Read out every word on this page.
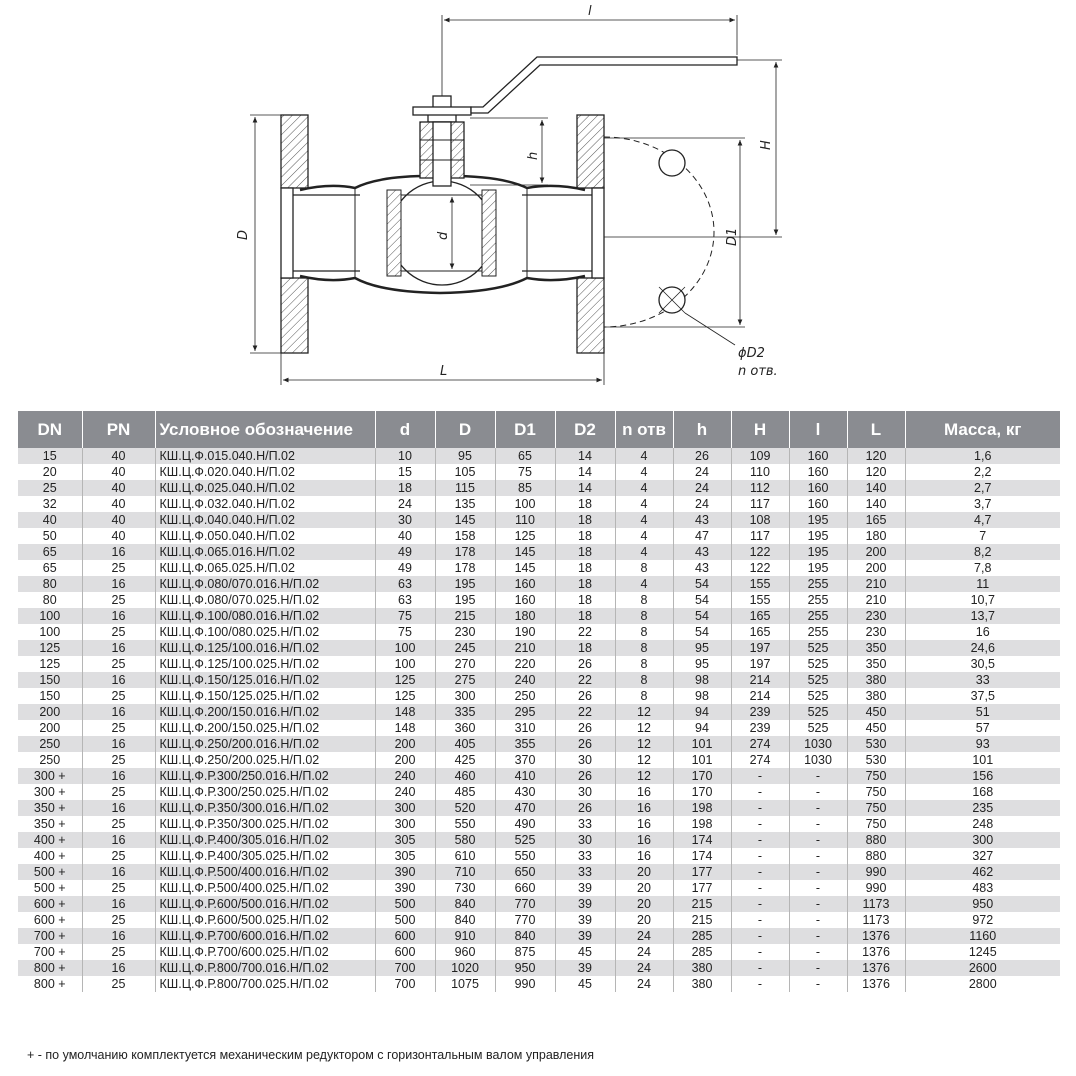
l
H
h
D	d	D1
L
ϕD2
n отв.
DN	PN	Условное обозначение	d	D	D1	D2	n отв	h	H	l	L	Масса, кг
15	40	КШ.Ц.Ф.015.040.Н/П.02	10	95	65	14	4	26	109	160	120	1,6
20	40	КШ.Ц.Ф.020.040.Н/П.02	15	105	75	14	4	24	110	160	120	2,2
25	40	КШ.Ц.Ф.025.040.Н/П.02	18	115	85	14	4	24	112	160	140	2,7
32	40	КШ.Ц.Ф.032.040.Н/П.02	24	135	100	18	4	24	117	160	140	3,7
40	40	КШ.Ц.Ф.040.040.Н/П.02	30	145	110	18	4	43	108	195	165	4,7
50	40	КШ.Ц.Ф.050.040.Н/П.02	40	158	125	18	4	47	117	195	180	7
65	16	КШ.Ц.Ф.065.016.Н/П.02	49	178	145	18	4	43	122	195	200	8,2
65	25	КШ.Ц.Ф.065.025.Н/П.02	49	178	145	18	8	43	122	195	200	7,8
80	16	КШ.Ц.Ф.080/070.016.Н/П.02	63	195	160	18	4	54	155	255	210	11
80	25	КШ.Ц.Ф.080/070.025.Н/П.02	63	195	160	18	8	54	155	255	210	10,7
100	16	КШ.Ц.Ф.100/080.016.Н/П.02	75	215	180	18	8	54	165	255	230	13,7
100	25	КШ.Ц.Ф.100/080.025.Н/П.02	75	230	190	22	8	54	165	255	230	16
125	16	КШ.Ц.Ф.125/100.016.Н/П.02	100	245	210	18	8	95	197	525	350	24,6
125	25	КШ.Ц.Ф.125/100.025.Н/П.02	100	270	220	26	8	95	197	525	350	30,5
150	16	КШ.Ц.Ф.150/125.016.Н/П.02	125	275	240	22	8	98	214	525	380	33
150	25	КШ.Ц.Ф.150/125.025.Н/П.02	125	300	250	26	8	98	214	525	380	37,5
200	16	КШ.Ц.Ф.200/150.016.Н/П.02	148	335	295	22	12	94	239	525	450	51
200	25	КШ.Ц.Ф.200/150.025.Н/П.02	148	360	310	26	12	94	239	525	450	57
250	16	КШ.Ц.Ф.250/200.016.Н/П.02	200	405	355	26	12	101	274	1030	530	93
250	25	КШ.Ц.Ф.250/200.025.Н/П.02	200	425	370	30	12	101	274	1030	530	101
300 +	16	КШ.Ц.Ф.Р.300/250.016.Н/П.02	240	460	410	26	12	170	-	-	750	156
300 +	25	КШ.Ц.Ф.Р.300/250.025.Н/П.02	240	485	430	30	16	170	-	-	750	168
350 +	16	КШ.Ц.Ф.Р.350/300.016.Н/П.02	300	520	470	26	16	198	-	-	750	235
350 +	25	КШ.Ц.Ф.Р.350/300.025.Н/П.02	300	550	490	33	16	198	-	-	750	248
400 +	16	КШ.Ц.Ф.Р.400/305.016.Н/П.02	305	580	525	30	16	174	-	-	880	300
400 +	25	КШ.Ц.Ф.Р.400/305.025.Н/П.02	305	610	550	33	16	174	-	-	880	327
500 +	16	КШ.Ц.Ф.Р.500/400.016.Н/П.02	390	710	650	33	20	177	-	-	990	462
500 +	25	КШ.Ц.Ф.Р.500/400.025.Н/П.02	390	730	660	39	20	177	-	-	990	483
600 +	16	КШ.Ц.Ф.Р.600/500.016.Н/П.02	500	840	770	39	20	215	-	-	1173	950
600 +	25	КШ.Ц.Ф.Р.600/500.025.Н/П.02	500	840	770	39	20	215	-	-	1173	972
700 +	16	КШ.Ц.Ф.Р.700/600.016.Н/П.02	600	910	840	39	24	285	-	-	1376	1160
700 +	25	КШ.Ц.Ф.Р.700/600.025.Н/П.02	600	960	875	45	24	285	-	-	1376	1245
800 +	16	КШ.Ц.Ф.Р.800/700.016.Н/П.02	700	1020	950	39	24	380	-	-	1376	2600
800 +	25	КШ.Ц.Ф.Р.800/700.025.Н/П.02	700	1075	990	45	24	380	-	-	1376	2800
+ - по умолчанию комплектуется механическим редуктором с горизонтальным валом управления
